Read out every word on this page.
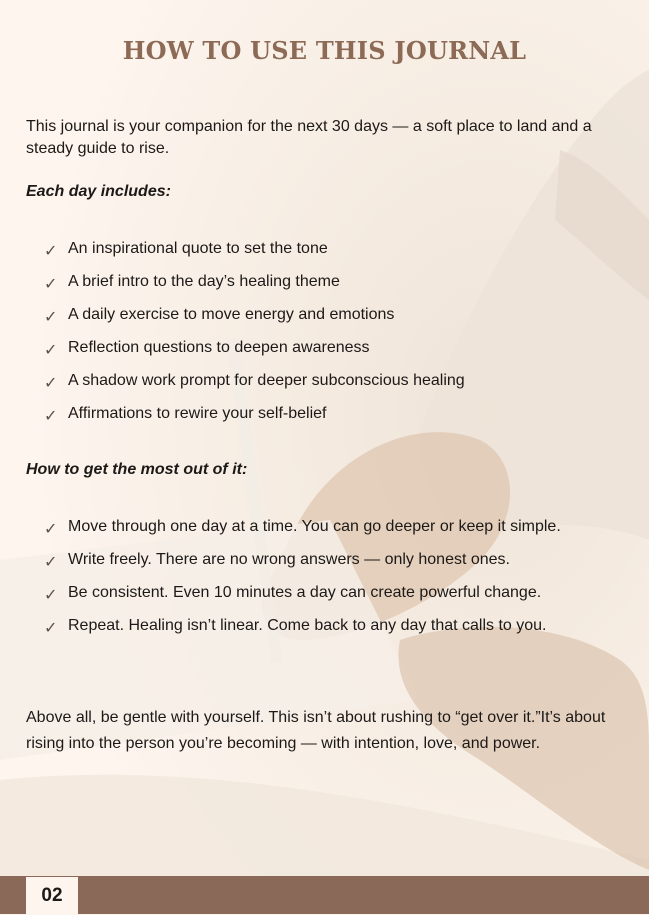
HOW TO USE THIS JOURNAL

This journal is your companion for the next 30 days — a soft place to land and a steady guide to rise.

Each day includes:

✓ An inspirational quote to set the tone
✓ A brief intro to the day’s healing theme
✓ A daily exercise to move energy and emotions
✓ Reflection questions to deepen awareness
✓ A shadow work prompt for deeper subconscious healing
✓ Affirmations to rewire your self-belief

How to get the most out of it:

✓ Move through one day at a time. You can go deeper or keep it simple.
✓ Write freely. There are no wrong answers — only honest ones.
✓ Be consistent. Even 10 minutes a day can create powerful change.
✓ Repeat. Healing isn’t linear. Come back to any day that calls to you.

Above all, be gentle with yourself. This isn’t about rushing to “get over it.”It’s about rising into the person you’re becoming — with intention, love, and power.

02
